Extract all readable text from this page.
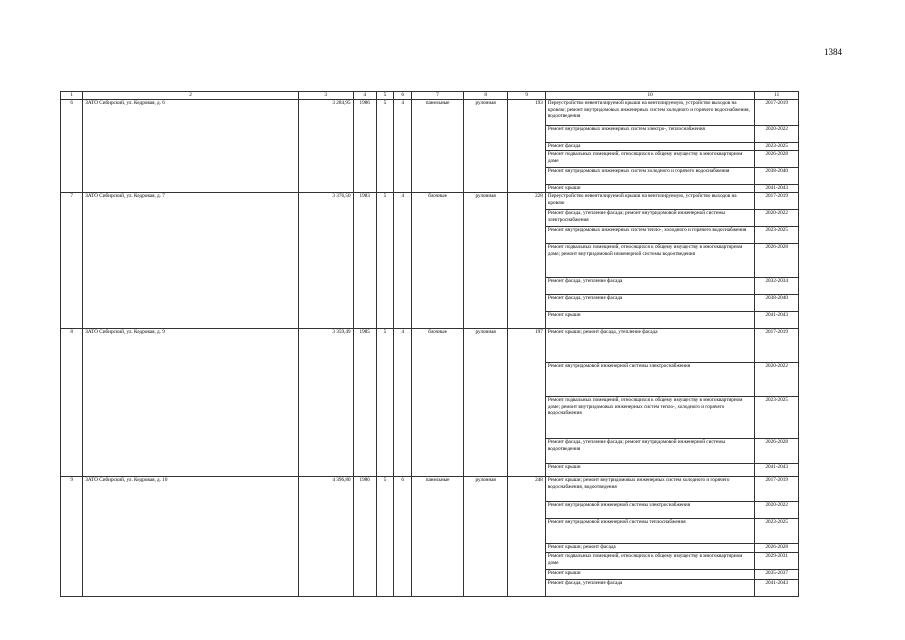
1384
1	2	3	4	5	6	7	8	9	10	11
6	ЗАТО Сибирский, ул. Кедровая, д. 6	3 284,95	1986	5	4	панельные	рулонная	193	Переустройство невентилируемой крыши на вентилируемую, устройство выходов на кровлю; ремонт внутридомовых инженерных систем холодного и горячего водоснабжения, водоотведения	2017-2019
									Ремонт внутридомовых инженерных систем электро-, теплоснабжения	2020-2022
									Ремонт фасада	2023-2025
									Ремонт подвальных помещений, относящихся к общему имуществу в многоквартирном доме	2026-2028
									Ремонт внутридомовых инженерных систем холодного и горячего водоснабжения	2038-2040
									Ремонт крыши	2041-2043
7	ЗАТО Сибирский, ул. Кедровая, д. 7	3 376,50	1983	5	4	блочные	рулонная	228	Переустройство невентилируемой крыши на вентилируемую, устройство выходов на кровлю	2017-2019
									Ремонт фасада, утепление фасада; ремонт внутридомовой инженерной системы электроснабжения	2020-2022
									Ремонт внутридомовых инженерных систем тепло-, холодного и горячего водоснабжения	2023-2025
									Ремонт подвальных помещений, относящихся к общему имуществу в многоквартирном доме; ремонт внутридомовой инженерной системы водоотведения	2026-2028
									Ремонт фасада, утепление фасада	2032-2034
									Ремонт фасада, утепление фасада	2038-2040
									Ремонт крыши	2041-2043
8	ЗАТО Сибирский, ул. Кедровая, д. 9	3 359,49	1985	5	4	блочные	рулонная	197	Ремонт крыши; ремонт фасада, утепление фасада	2017-2019
									Ремонт внутридомовой инженерной системы электроснабжения	2020-2022
									Ремонт подвальных помещений, относящихся к общему имуществу в многоквартирном доме; ремонт внутридомовых инженерных систем тепло-, холодного и горячего водоснабжения	2023-2025
									Ремонт фасада, утепление фасада; ремонт внутридомовой инженерной системы водоотведения	2026-2028
									Ремонт крыши	2041-2043
9	ЗАТО Сибирский, ул. Кедровая, д. 10	4 396,80	1986	5	6	панельные	рулонная	248	Ремонт крыши; ремонт внутридомовых инженерных систем холодного и горячего водоснабжения, водоотведения	2017-2019
									Ремонт внутридомовой инженерной системы электроснабжения	2020-2022
									Ремонт внутридомовой инженерной системы теплоснабжения	2023-2025
									Ремонт крыши; ремонт фасада	2026-2028
									Ремонт подвальных помещений, относящихся к общему имуществу в многоквартирном доме	2029-2031
									Ремонт крыши	2035-2037
									Ремонт фасада, утепление фасада	2041-2043
